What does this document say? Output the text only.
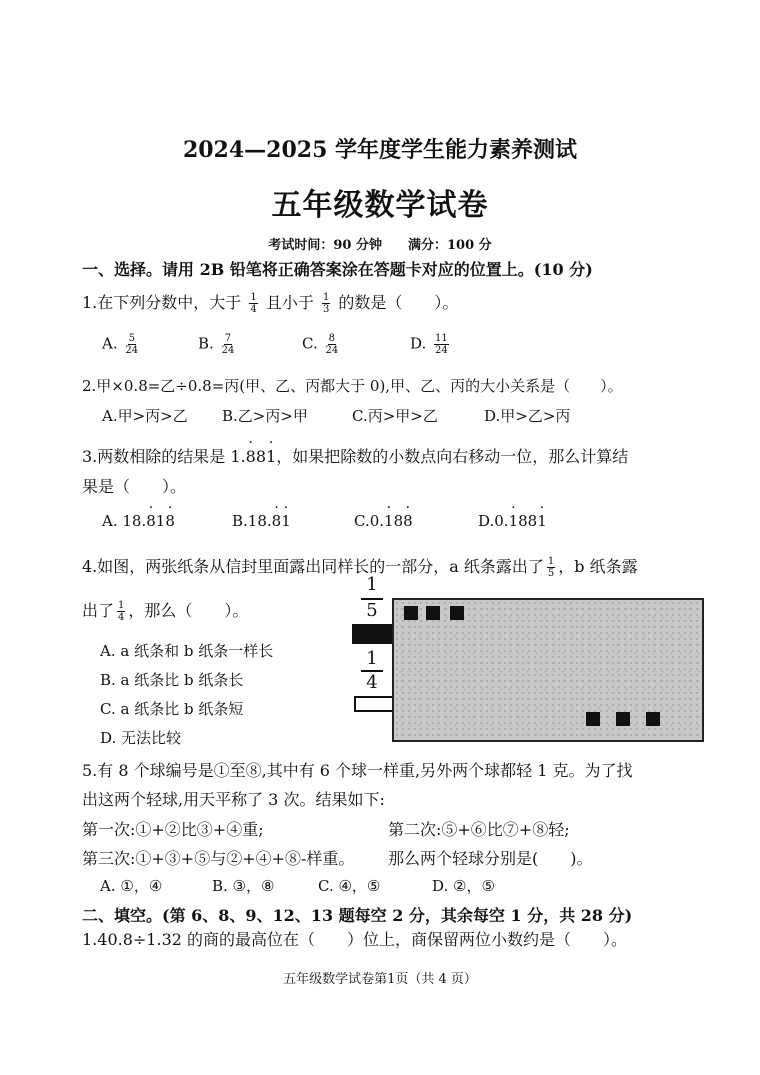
2024—2025 学年度学生能力素养测试
五年级数学试卷
考试时间：90 分钟　　满分：100 分
一、选择。请用 2B 铅笔将正确答案涂在答题卡对应的位置上。(10 分)
1.在下列分数中，大于 $\frac{1}{4}$ 且小于 $\frac{1}{3}$ 的数是（　　）。
A. $\frac{5}{24}$	B. $\frac{7}{24}$	C. $\frac{8}{24}$	D. $\frac{11}{24}$
2.甲×0.8=乙÷0.8=丙(甲、乙、丙都大于 0),甲、乙、丙的大小关系是（　　）。
A.甲>丙>乙 B.乙>丙>甲	C.丙>甲>乙	D.甲>乙>丙
3.两数相除的结果是 1.8 ·81 ·，如果把除数的小数点向右移动一位，那么计算结
果是（　　）。
A. 18.8 ·18 ·	B.18.8 ·1 ·	C.0.1 ·88 ·	D.0.1 ·881 ·
4.如图，两张纸条从信封里面露出同样长的一部分，a 纸条露出了 $\frac{1}{5}$ ，b 纸条露
出了 $\frac{1}{4}$ ，那么（　　）。
A. a 纸条和 b 纸条一样长
B. a 纸条比 b 纸条长
C. a 纸条比 b 纸条短
D. 无法比较
1
5
1
4
5.有 8 个球编号是①至⑧,其中有 6 个球一样重,另外两个球都轻 1 克。为了找
出这两个轻球,用天平称了 3 次。结果如下:
第一次:①+②比③+④重;	第二次:⑤+⑥比⑦+⑧轻;
第三次:①+③+⑤与②+④+⑧-样重。 那么两个轻球分别是(　　)。
A. ①，④	B. ③，⑧	C. ④，⑤	D. ②，⑤
二、填空。(第 6、8、9、12、13 题每空 2 分，其余每空 1 分，共 28 分)
1.40.8÷1.32 的商的最高位在（　　）位上，商保留两位小数约是（　　）。
五年级数学试卷第1页（共 4 页）
